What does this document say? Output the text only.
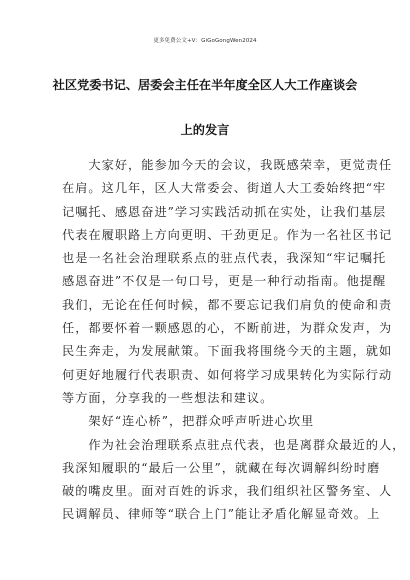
更多免费公文+V：GiGoGongWen2024
社区党委书记、居委会主任在半年度全区人大工作座谈会
上的发言
　　大家好，能参加今天的会议，我既感荣幸，更觉责任
在肩。这几年，区人大常委会、街道人大工委始终把“牢
记嘱托、感恩奋进”学习实践活动抓在实处，让我们基层
代表在履职路上方向更明、干劲更足。作为一名社区书记
也是一名社会治理联系点的驻点代表，我深知“牢记嘱托
感恩奋进”不仅是一句口号，更是一种行动指南。他提醒
我们，无论在任何时候，都不要忘记我们肩负的使命和责
任，都要怀着一颗感恩的心，不断前进，为群众发声，为
民生奔走，为发展献策。下面我将围绕今天的主题，就如
何更好地履行代表职责、如何将学习成果转化为实际行动
等方面，分享我的一些想法和建议。
　　架好“连心桥”，把群众呼声听进心坎里
　　作为社会治理联系点驻点代表，也是离群众最近的人，
我深知履职的“最后一公里”，就藏在每次调解纠纷时磨
破的嘴皮里。面对百姓的诉求，我们组织社区警务室、人
民调解员、律师等“联合上门”能让矛盾化解显奇效。上
